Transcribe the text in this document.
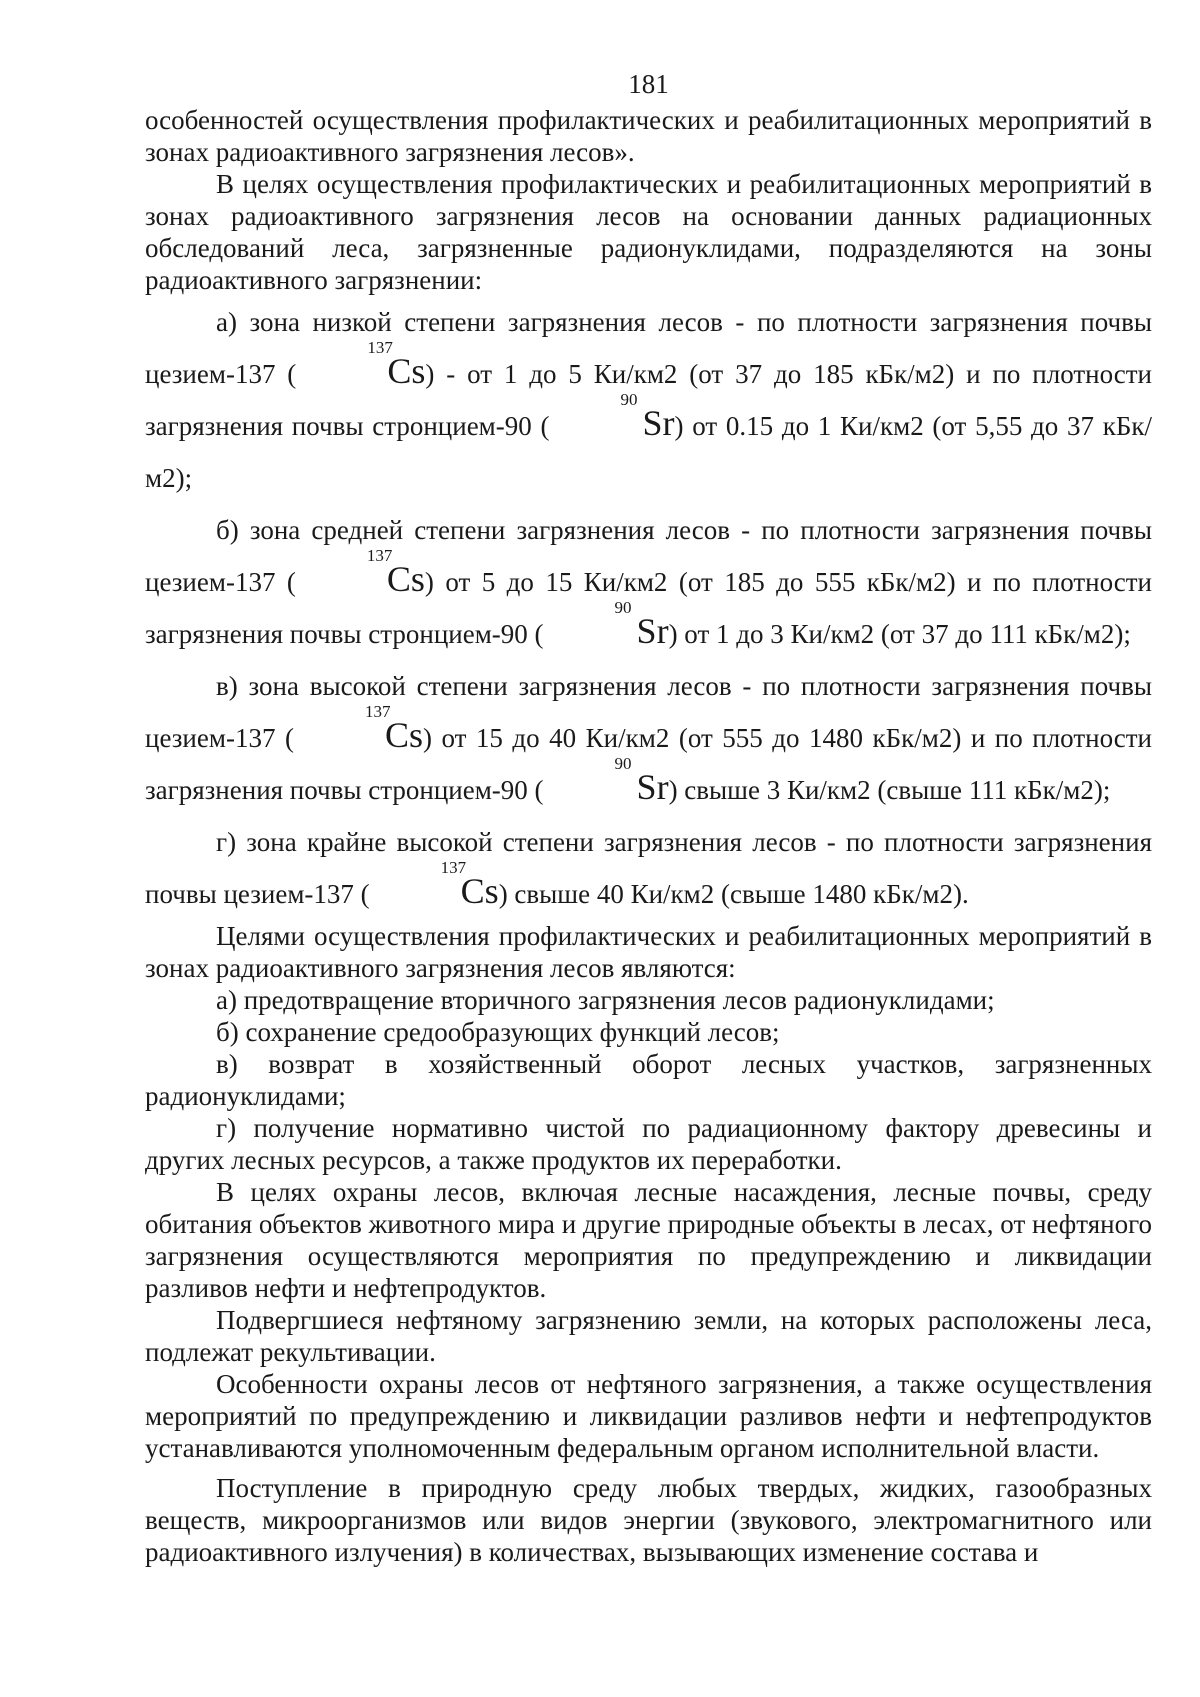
181

особенностей осуществления профилактических и реабилитационных мероприятий в зонах радиоактивного загрязнения лесов».

В целях осуществления профилактических и реабилитационных мероприятий в зонах радиоактивного загрязнения лесов на основании данных радиационных обследований леса, загрязненные радионуклидами, подразделяются на зоны радиоактивного загрязнении:

а) зона низкой степени загрязнения лесов - по плотности загрязнения почвы цезием-137 (
137
Cs) - от 1 до 5 Ки/км2 (от 37 до 185 кБк/м2) и по плотности загрязнения почвы стронцием-90 (
90
Sr) от 0.15 до 1 Ки/км2 (от 5,55 до 37 кБк/м2);

б) зона средней степени загрязнения лесов - по плотности загрязнения почвы цезием-137 (
137
Cs) от 5 до 15 Ки/км2 (от 185 до 555 кБк/м2) и по плотности загрязнения почвы стронцием-90 (
90
Sr) от 1 до 3 Ки/км2 (от 37 до 111 кБк/м2);

в) зона высокой степени загрязнения лесов - по плотности загрязнения почвы цезием-137 (
137
Cs) от 15 до 40 Ки/км2 (от 555 до 1480 кБк/м2) и по плотности загрязнения почвы стронцием-90 (
90
Sr) свыше 3 Ки/км2 (свыше 111 кБк/м2);

г) зона крайне высокой степени загрязнения лесов - по плотности загрязнения почвы цезием-137 (
137
Cs) свыше 40 Ки/км2 (свыше 1480 кБк/м2).

Целями осуществления профилактических и реабилитационных мероприятий в зонах радиоактивного загрязнения лесов являются:

а) предотвращение вторичного загрязнения лесов радионуклидами;

б) сохранение средообразующих функций лесов;

в) возврат в хозяйственный оборот лесных участков, загрязненных радионуклидами;

г) получение нормативно чистой по радиационному фактору древесины и других лесных ресурсов, а также продуктов их переработки.

В целях охраны лесов, включая лесные насаждения, лесные почвы, среду обитания объектов животного мира и другие природные объекты в лесах, от нефтяного загрязнения осуществляются мероприятия по предупреждению и ликвидации разливов нефти и нефтепродуктов.

Подвергшиеся нефтяному загрязнению земли, на которых расположены леса, подлежат рекультивации.

Особенности охраны лесов от нефтяного загрязнения, а также осуществления мероприятий по предупреждению и ликвидации разливов нефти и нефтепродуктов устанавливаются уполномоченным федеральным органом исполнительной власти.

Поступление в природную среду любых твердых, жидких, газообразных веществ, микроорганизмов или видов энергии (звукового, электромагнитного или радиоактивного излучения) в количествах, вызывающих изменение состава и
